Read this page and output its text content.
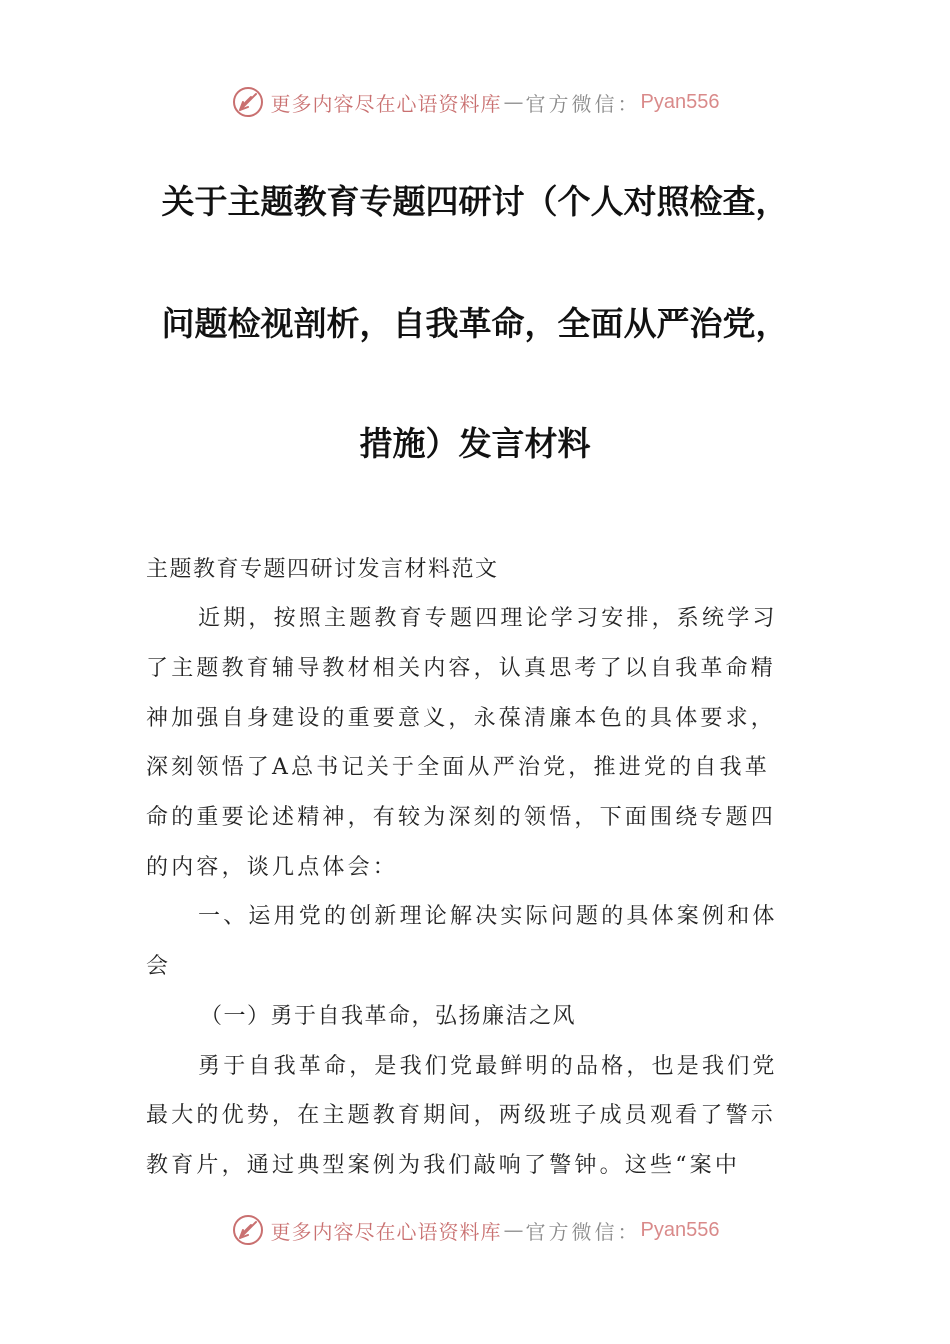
更多内容尽在心语资料库 — 官方微信： Pyan556
关于主题教育专题四研讨（个人对照检查，
问题检视剖析，自我革命，全面从严治党，
措施）发言材料
主题教育专题四研讨发言材料范文
近期，按照主题教育专题四理论学习安排，系统学习
了主题教育辅导教材相关内容，认真思考了以自我革命精
神加强自身建设的重要意义，永葆清廉本色的具体要求，
深刻领悟了A总书记关于全面从严治党，推进党的自我革
命的重要论述精神，有较为深刻的领悟，下面围绕专题四
的内容，谈几点体会：
一、运用党的创新理论解决实际问题的具体案例和体
会
（一）勇于自我革命，弘扬廉洁之风
勇于自我革命，是我们党最鲜明的品格，也是我们党
最大的优势，在主题教育期间，两级班子成员观看了警示
教育片，通过典型案例为我们敲响了警钟。这些“案中
更多内容尽在心语资料库 — 官方微信： Pyan556
